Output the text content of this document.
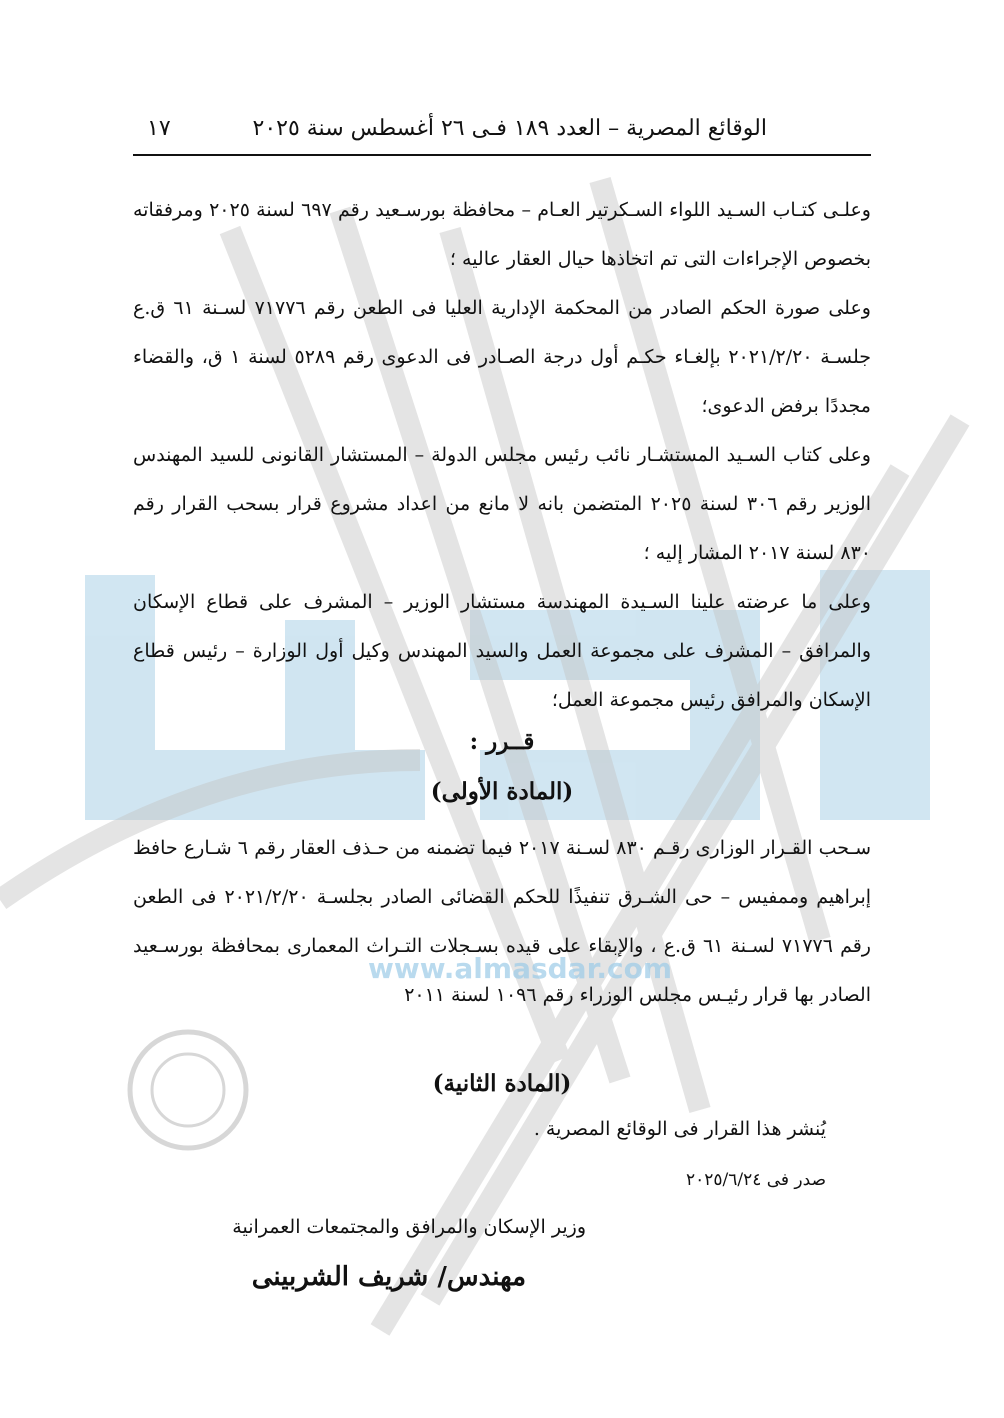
www.almasdar.com
الوقائع المصرية – العدد ١٨٩ فـى ٢٦ أغسطس سنة ٢٠٢٥
١٧

وعلـى كتـاب السـيد اللواء السـكرتير العـام – محافظة بورسـعيد رقم ٦٩٧ لسنة ٢٠٢٥ ومرفقاته بخصوص الإجراءات التى تم اتخاذها حيال العقار عاليه ؛

وعلى صورة الحكم الصادر من المحكمة الإدارية العليا فى الطعن رقم ٧١٧٧٦ لسـنة ٦١ ق.ع جلسـة ٢٠٢١/٢/٢٠ بإلغـاء حكـم أول درجة الصـادر فى الدعوى رقم ٥٢٨٩ لسنة ١ ق، والقضاء مجددًا برفض الدعوى؛

وعلى كتاب السـيد المستشـار نائب رئيس مجلس الدولة – المستشار القانونى للسيد المهندس الوزير رقم ٣٠٦ لسنة ٢٠٢٥ المتضمن بانه لا مانع من اعداد مشروع قرار بسحب القرار رقم ٨٣٠ لسنة ٢٠١٧ المشار إليه ؛

وعلى ما عرضته علينا السـيدة المهندسة مستشار الوزير – المشرف على قطاع الإسكان والمرافق – المشرف على مجموعة العمل والسيد المهندس وكيل أول الوزارة – رئيس قطاع الإسكان والمرافق رئيس مجموعة العمل؛

قــرر :
(المادة الأولى)

سـحب القـرار الوزارى رقـم ٨٣٠ لسـنة ٢٠١٧ فيما تضمنه من حـذف العقار رقم ٦ شـارع حافظ إبراهيم وممفيس – حى الشـرق تنفيذًا للحكم القضائى الصادر بجلسـة ٢٠٢١/٢/٢٠ فى الطعن رقم ٧١٧٧٦ لسـنة ٦١ ق.ع ، والإبقاء على قيده بسـجلات التـراث المعمارى بمحافظة بورسـعيد الصادر بها قرار رئيـس مجلس الوزراء رقم ١٠٩٦ لسنة ٢٠١١

(المادة الثانية)
يُنشر هذا القرار فى الوقائع المصرية .
صدر فى ٢٠٢٥/٦/٢٤
وزير الإسكان والمرافق والمجتمعات العمرانية
مهندس/ شريف الشربينى
